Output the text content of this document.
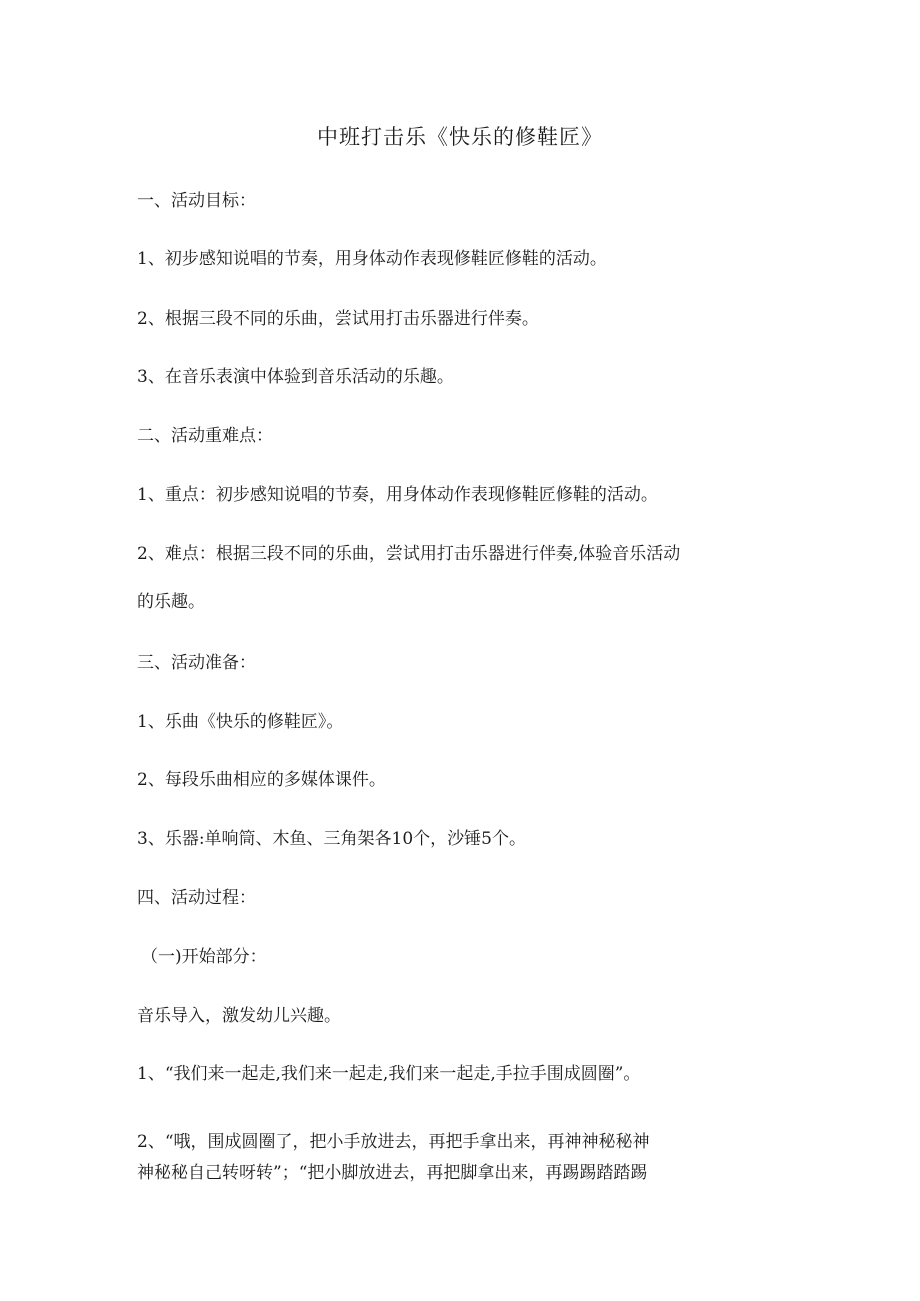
中班打击乐《快乐的修鞋匠》
一、活动目标：
1、初步感知说唱的节奏，用身体动作表现修鞋匠修鞋的活动。
2、根据三段不同的乐曲，尝试用打击乐器进行伴奏。
3、在音乐表演中体验到音乐活动的乐趣。
二、活动重难点：
1、重点：初步感知说唱的节奏，用身体动作表现修鞋匠修鞋的活动。
2、难点：根据三段不同的乐曲，尝试用打击乐器进行伴奏,体验音乐活动
的乐趣。
三、活动准备：
1、乐曲《快乐的修鞋匠》。
2、每段乐曲相应的多媒体课件。
3、乐器:单响筒、木鱼、三角架各10个，沙锤5个。
四、活动过程：
（一)开始部分：
音乐导入，激发幼儿兴趣。
1、“我们来一起走,我们来一起走,我们来一起走,手拉手围成圆圈”。
2、“哦，围成圆圈了，把小手放进去，再把手拿出来，再神神秘秘神
神秘秘自己转呀转”；“把小脚放进去，再把脚拿出来，再踢踢踏踏踢
